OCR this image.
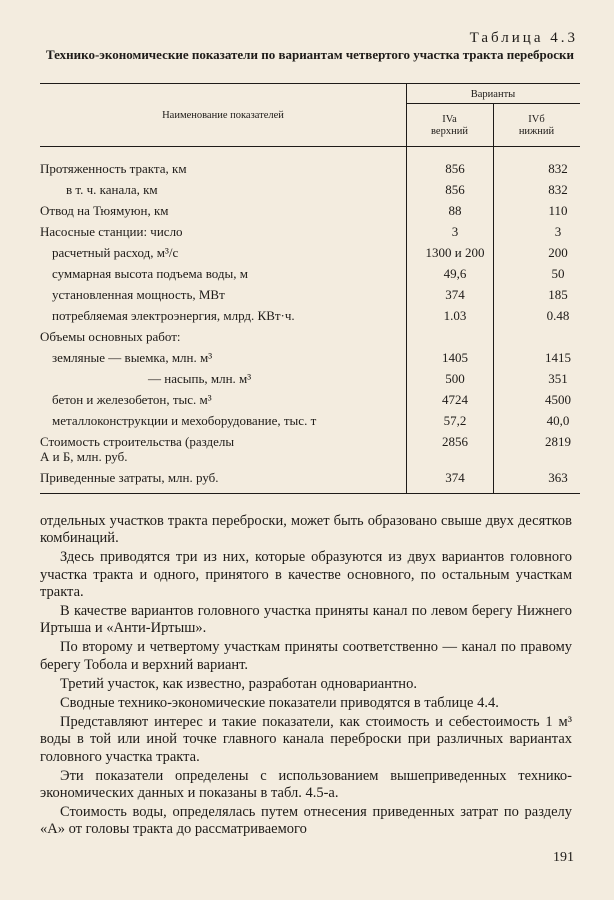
Таблица 4.3
Технико-экономические показатели по вариантам четвертого участка тракта переброски
Наименование показателей
Варианты
IVa
верхний
IVб
нижний
Протяженность тракта, км	856	832
в т. ч. канала, км	856	832
Отвод на Тюямуюн, км	88	110
Насосные станции: число	3	3
расчетный расход, м³/с	1300 и 200	200
суммарная высота подъема воды, м	49,6	50
установленная мощность, МВт	374	185
потребляемая электроэнергия, млрд. КВт·ч.	1.03	0.48
Объемы основных работ:
земляные — выемка, млн. м³	1405	1415
— насыпь, млн. м³	500	351
бетон и железобетон, тыс. м³	4724	4500
металлоконструкции и мехоборудование, тыс. т	57,2	40,0
Стоимость строительства (разделы	2856	2819
А и Б, млн. руб.
Приведенные затраты, млн. руб.	374	363

отдельных участков тракта переброски, может быть образовано свыше двух десятков комбинаций.

Здесь приводятся три из них, которые образуются из двух вариантов головного участка тракта и одного, принятого в качестве основного, по остальным участкам тракта.

В качестве вариантов головного участка приняты канал по левом берегу Нижнего Иртыша и «Анти-Иртыш».

По второму и четвертому участкам приняты соответственно — канал по правому берегу Тобола и верхний вариант.

Третий участок, как известно, разработан одновариантно.

Сводные технико-экономические показатели приводятся в таблице 4.4.

Представляют интерес и такие показатели, как стоимость и себестоимость 1 м³ воды в той или иной точке главного канала переброски при различных вариантах головного участка тракта.

Эти показатели определены с использованием вышеприведенных технико-экономических данных и показаны в табл. 4.5-а.

Стоимость воды, определялась путем отнесения приведенных затрат по разделу «А» от головы тракта до рассматриваемого

191
